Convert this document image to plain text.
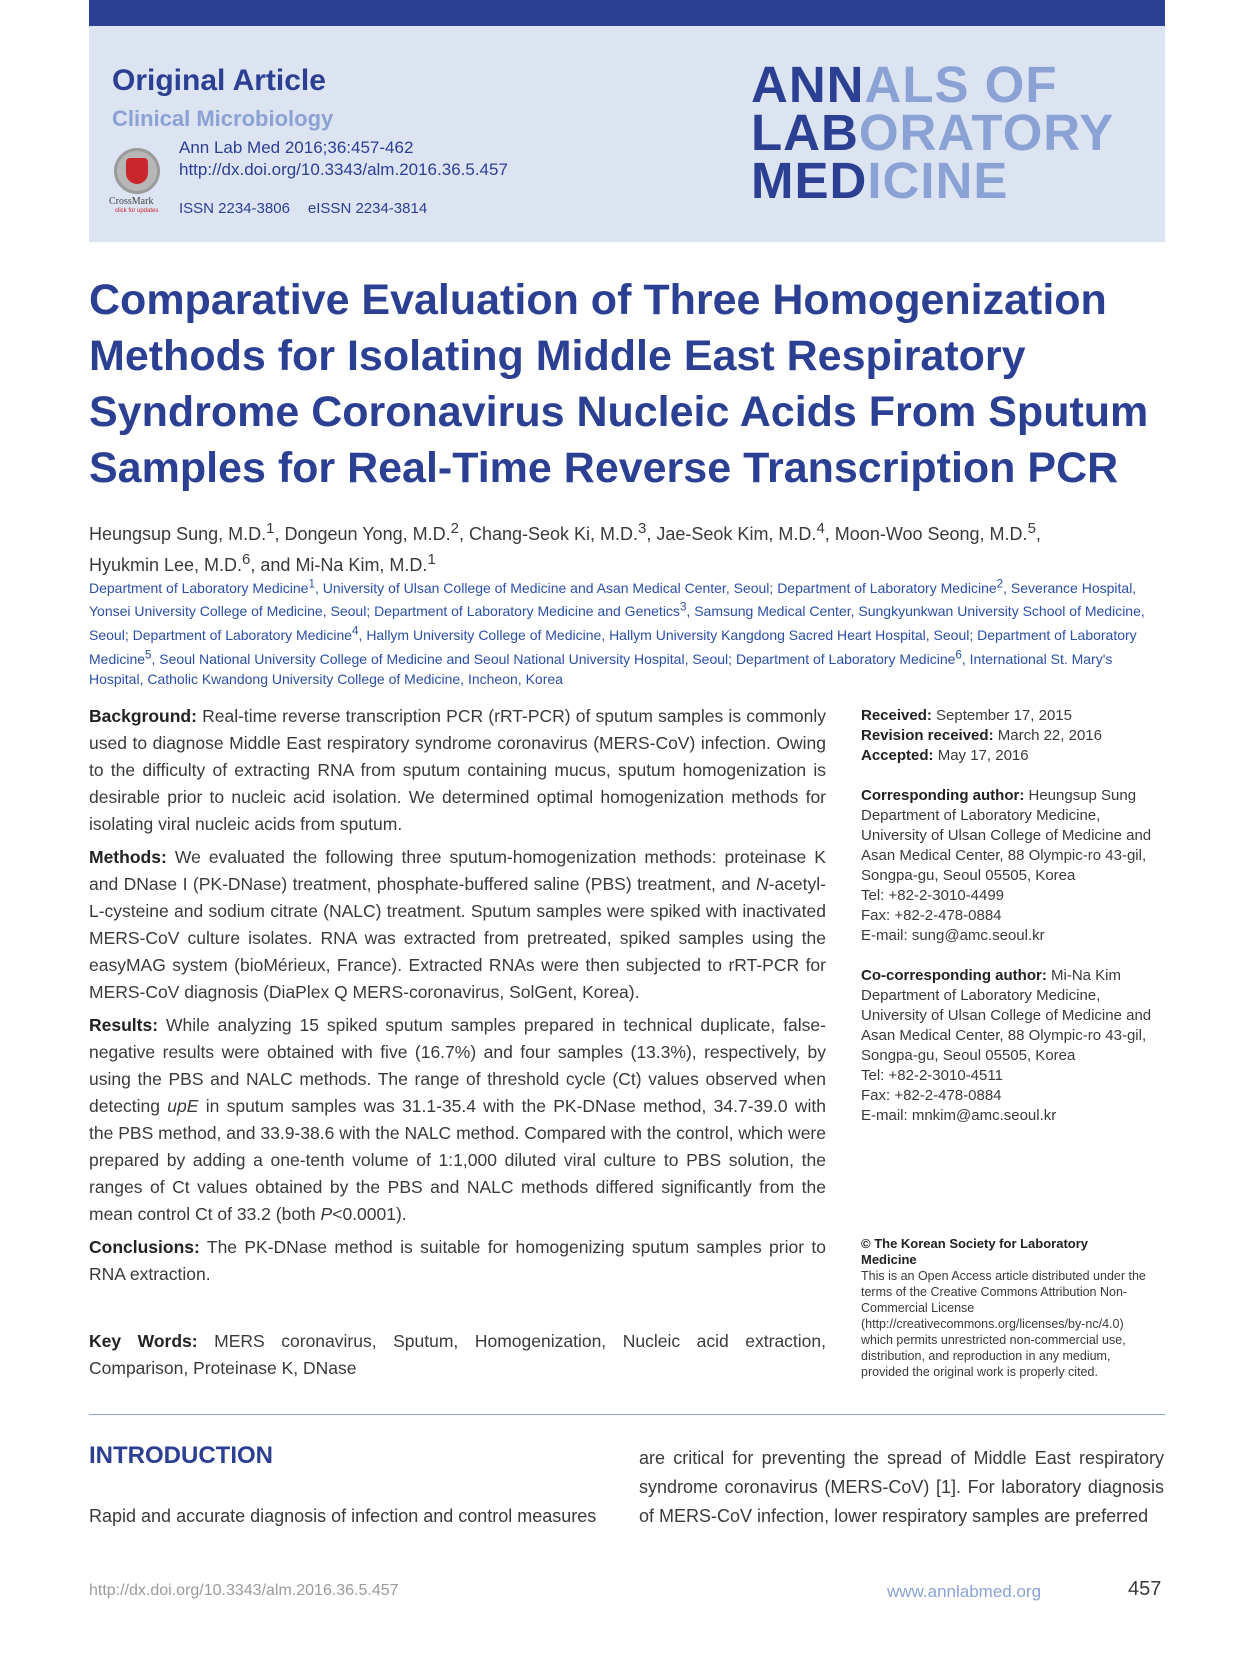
Original Article
Clinical Microbiology
CrossMark
click for updates
Ann Lab Med 2016;36:457-462
http://dx.doi.org/10.3343/alm.2016.36.5.457
ISSN 2234-3806 eISSN 2234-3814
ANNALS OF
LABORATORY
MEDICINE
Comparative Evaluation of Three Homogenization Methods for Isolating Middle East Respiratory Syndrome Coronavirus Nucleic Acids From Sputum Samples for Real-Time Reverse Transcription PCR
Heungsup Sung, M.D.$^1$, Dongeun Yong, M.D.$^2$, Chang-Seok Ki, M.D.$^3$, Jae-Seok Kim, M.D.$^4$, Moon-Woo Seong, M.D.$^5$,
Hyukmin Lee, M.D.$^6$, and Mi-Na Kim, M.D.$^1$
Department of Laboratory Medicine$^1$, University of Ulsan College of Medicine and Asan Medical Center, Seoul; Department of Laboratory Medicine$^2$, Severance Hospital, Yonsei University College of Medicine, Seoul; Department of Laboratory Medicine and Genetics$^3$, Samsung Medical Center, Sungkyunkwan University School of Medicine, Seoul; Department of Laboratory Medicine$^4$, Hallym University College of Medicine, Hallym University Kangdong Sacred Heart Hospital, Seoul; Department of Laboratory Medicine$^5$, Seoul National University College of Medicine and Seoul National University Hospital, Seoul; Department of Laboratory Medicine$^6$, International St. Mary's Hospital, Catholic Kwandong University College of Medicine, Incheon, Korea

Background: Real-time reverse transcription PCR (rRT-PCR) of sputum samples is commonly used to diagnose Middle East respiratory syndrome coronavirus (MERS-CoV) infection. Owing to the difficulty of extracting RNA from sputum containing mucus, sputum homogenization is desirable prior to nucleic acid isolation. We determined optimal homogenization methods for isolating viral nucleic acids from sputum.

Methods: We evaluated the following three sputum-homogenization methods: proteinase K and DNase I (PK-DNase) treatment, phosphate-buffered saline (PBS) treatment, and N-acetyl-L-cysteine and sodium citrate (NALC) treatment. Sputum samples were spiked with inactivated MERS-CoV culture isolates. RNA was extracted from pretreated, spiked samples using the easyMAG system (bioMérieux, France). Extracted RNAs were then subjected to rRT-PCR for MERS-CoV diagnosis (DiaPlex Q MERS-coronavirus, SolGent, Korea).

Results: While analyzing 15 spiked sputum samples prepared in technical duplicate, false-negative results were obtained with five (16.7%) and four samples (13.3%), respectively, by using the PBS and NALC methods. The range of threshold cycle (Ct) values observed when detecting upE in sputum samples was 31.1-35.4 with the PK-DNase method, 34.7-39.0 with the PBS method, and 33.9-38.6 with the NALC method. Compared with the control, which were prepared by adding a one-tenth volume of 1:1,000 diluted viral culture to PBS solution, the ranges of Ct values obtained by the PBS and NALC methods differed significantly from the mean control Ct of 33.2 (both P<0.0001).

Conclusions: The PK-DNase method is suitable for homogenizing sputum samples prior to RNA extraction.

Key Words: MERS coronavirus, Sputum, Homogenization, Nucleic acid extraction, Comparison, Proteinase K, DNase
Received: September 17, 2015
Revision received: March 22, 2016
Accepted: May 17, 2016
Corresponding author: Heungsup Sung
Department of Laboratory Medicine,
University of Ulsan College of Medicine and
Asan Medical Center, 88 Olympic-ro 43-gil,
Songpa-gu, Seoul 05505, Korea
Tel: +82-2-3010-4499
Fax: +82-2-478-0884
E-mail: sung@amc.seoul.kr
Co-corresponding author: Mi-Na Kim
Department of Laboratory Medicine,
University of Ulsan College of Medicine and
Asan Medical Center, 88 Olympic-ro 43-gil,
Songpa-gu, Seoul 05505, Korea
Tel: +82-2-3010-4511
Fax: +82-2-478-0884
E-mail: mnkim@amc.seoul.kr
© The Korean Society for Laboratory Medicine
This is an Open Access article distributed under the terms of the Creative Commons Attribution Non-Commercial License (http://creativecommons.org/licenses/by-nc/4.0) which permits unrestricted non-commercial use, distribution, and reproduction in any medium, provided the original work is properly cited.
INTRODUCTION
Rapid and accurate diagnosis of infection and control measures
are critical for preventing the spread of Middle East respiratory syndrome coronavirus (MERS-CoV) [1]. For laboratory diagnosis of MERS-CoV infection, lower respiratory samples are preferred
http://dx.doi.org/10.3343/alm.2016.36.5.457	www.annlabmed.org	457
